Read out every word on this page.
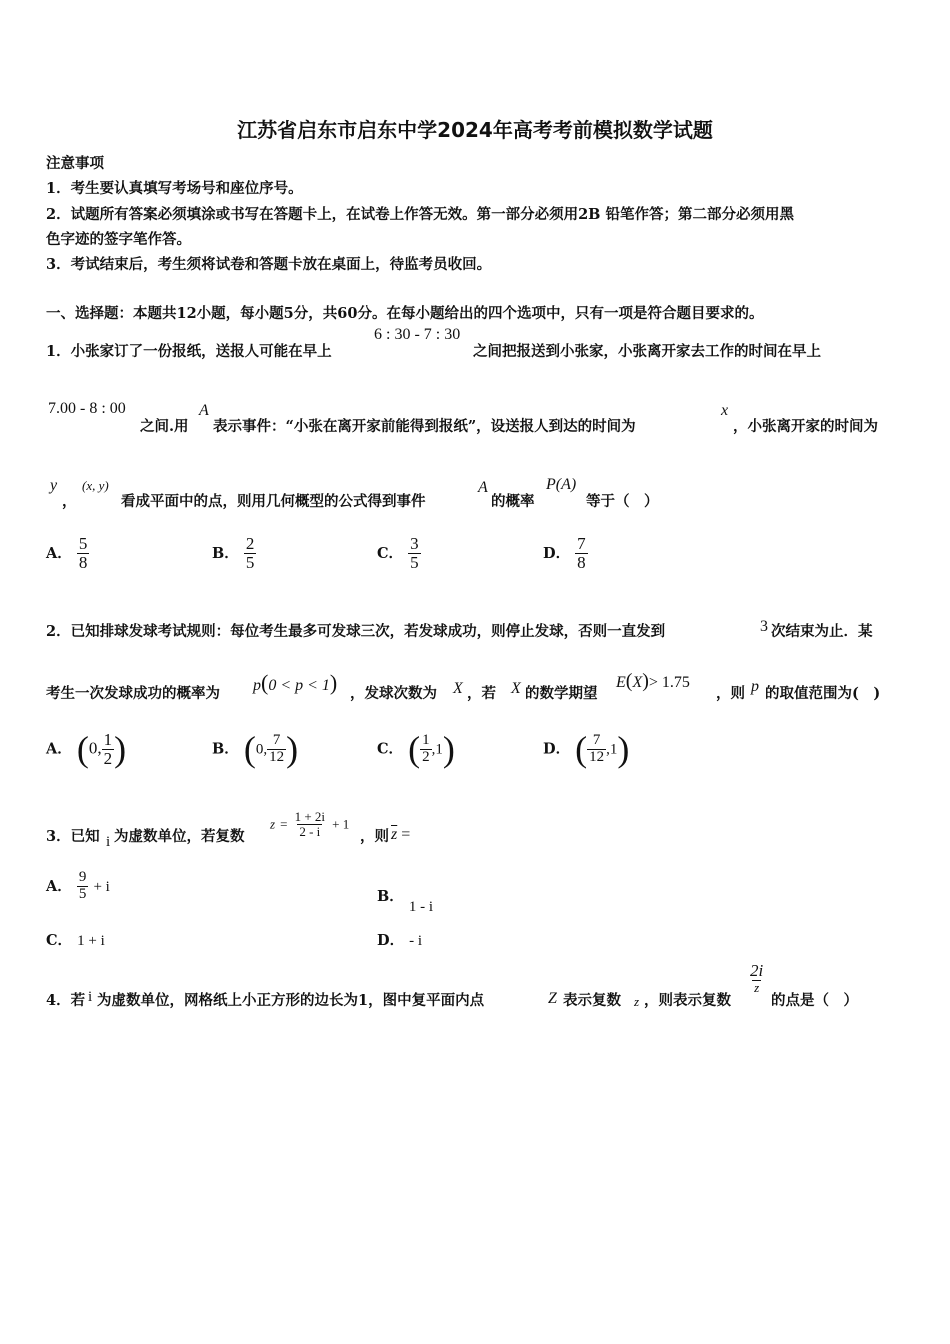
江苏省启东市启东中学2024年高考考前模拟数学试题
注意事项
1．考生要认真填写考场号和座位序号。
2．试题所有答案必须填涂或书写在答题卡上，在试卷上作答无效。第一部分必须用2B 铅笔作答；第二部分必须用黑
色字迹的签字笔作答。
3．考试结束后，考生须将试卷和答题卡放在桌面上，待监考员收回。
一、选择题：本题共12小题，每小题5分，共60分。在每小题给出的四个选项中，只有一项是符合题目要求的。
1．小张家订了一份报纸，送报人可能在早上
6 : 30 - 7 : 30
之间把报送到小张家，小张离开家去工作的时间在早上
7.00 - 8 : 00
之间.用
A
表示事件：“小张在离开家前能得到报纸”，设送报人到达的时间为
x
，小张离开家的时间为
y
，
(x, y)
看成平面中的点，则用几何概型的公式得到事件
A
的概率
P(A)
等于（　）
A． $\frac{5}{8}$	B． $\frac{2}{5}$	C． $\frac{3}{5}$	D． $\frac{7}{8}$
2．已知排球发球考试规则：每位考生最多可发球三次，若发球成功，则停止发球，否则一直发到	3 次结束为止．某
考生一次发球成功的概率为 p(0 < p < 1) ，发球次数为 X ，若 X 的数学期望
E(X)> 1.75
，则 p 的取值范围为(　)
A． (0, $\frac{1}{2}$ )	B． (0, $\frac{7}{12}$ )	C． ( $\frac{1}{2} ,1$)	D． ( $\frac{7}{12} ,1$)
3．已知 i 为虚数单位，若复数
$z = \frac{1 + 2i}{2 - i} + 1$
，则 $\overline{z}$ =
A． $\frac{9}{5} + i$
B． 1 - i
C． 1 + i	D． - i
4．若 i 为虚数单位，网格纸上小正方形的边长为1，图中复平面内点	Z 表示复数 z ，则表示复数
$\frac{2i}{z}$
的点是（　）
